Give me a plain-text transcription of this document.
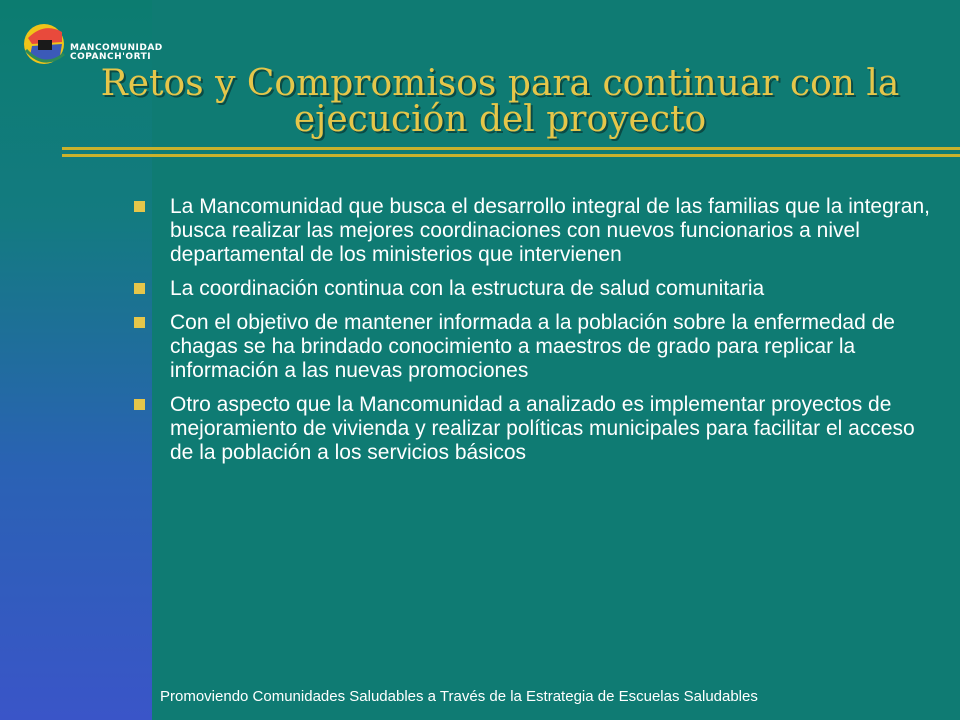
MANCOMUNIDAD
COPANCH'ORTI
Retos y Compromisos para continuar con la
ejecución del proyecto
La Mancomunidad que busca el desarrollo integral de las familias que la integran, busca realizar las mejores coordinaciones con nuevos funcionarios a nivel departamental de los ministerios que intervienen
La coordinación continua con la estructura de salud comunitaria
Con el objetivo de mantener informada a la población sobre la enfermedad de chagas se ha brindado conocimiento a maestros de grado para replicar la información a las nuevas promociones
Otro aspecto que la Mancomunidad a analizado es implementar proyectos de mejoramiento de vivienda y realizar políticas municipales para facilitar el acceso de la población a los servicios básicos
Promoviendo Comunidades Saludables a Través de la Estrategia de Escuelas Saludables
